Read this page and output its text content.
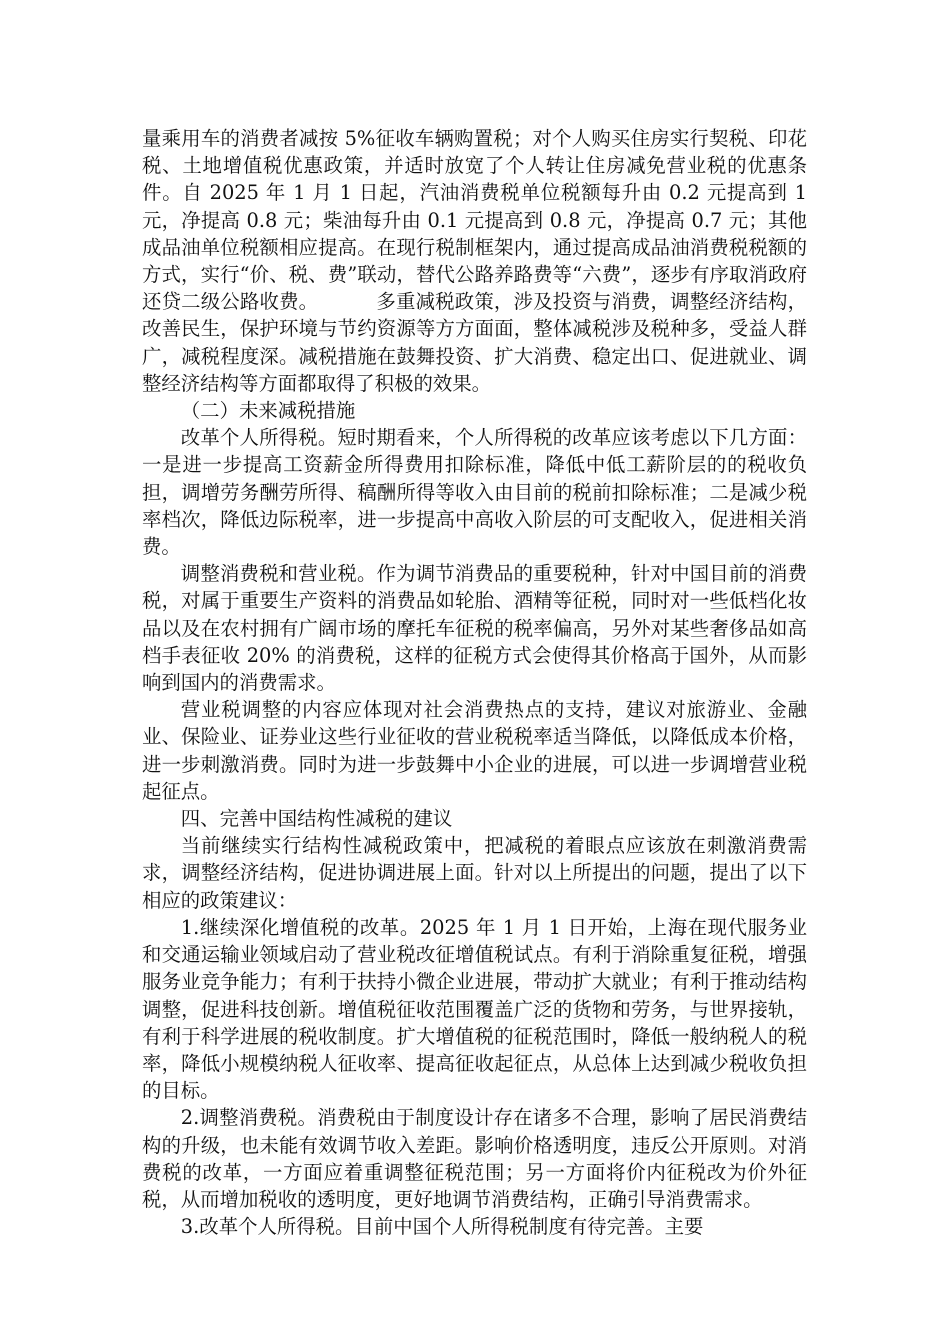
量乘用车的消费者减按 5%征收车辆购置税；对个人购买住房实行契税、印花税、土地增值税优惠政策，并适时放宽了个人转让住房减免营业税的优惠条件。自 2025 年 1 月 1 日起，汽油消费税单位税额每升由 0.2 元提高到 1 元，净提高 0.8 元；柴油每升由 0.1 元提高到 0.8 元，净提高 0.7 元；其他成品油单位税额相应提高。在现行税制框架内，通过提高成品油消费税税额的方式，实行“价、税、费”联动，替代公路养路费等“六费”，逐步有序取消政府还贷二级公路收费。	多重减税政策，涉及投资与消费，调整经济结构，改善民生，保护环境与节约资源等方方面面，整体减税涉及税种多，受益人群广，减税程度深。减税措施在鼓舞投资、扩大消费、稳定出口、促进就业、调整经济结构等方面都取得了积极的效果。

（二）未来减税措施

改革个人所得税。短时期看来，个人所得税的改革应该考虑以下几方面：一是进一步提高工资薪金所得费用扣除标准，降低中低工薪阶层的的税收负担，调增劳务酬劳所得、稿酬所得等收入由目前的税前扣除标准；二是减少税率档次，降低边际税率，进一步提高中高收入阶层的可支配收入，促进相关消费。

调整消费税和营业税。作为调节消费品的重要税种，针对中国目前的消费税，对属于重要生产资料的消费品如轮胎、酒精等征税，同时对一些低档化妆品以及在农村拥有广阔市场的摩托车征税的税率偏高，另外对某些奢侈品如高档手表征收 20% 的消费税，这样的征税方式会使得其价格高于国外，从而影响到国内的消费需求。

营业税调整的内容应体现对社会消费热点的支持，建议对旅游业、金融业、保险业、证券业这些行业征收的营业税税率适当降低，以降低成本价格，进一步刺激消费。同时为进一步鼓舞中小企业的进展，可以进一步调增营业税起征点。

四、完善中国结构性减税的建议

当前继续实行结构性减税政策中，把减税的着眼点应该放在刺激消费需求，调整经济结构，促进协调进展上面。针对以上所提出的问题，提出了以下相应的政策建议：

1.继续深化增值税的改革。2025 年 1 月 1 日开始，上海在现代服务业和交通运输业领域启动了营业税改征增值税试点。有利于消除重复征税，增强服务业竞争能力；有利于扶持小微企业进展，带动扩大就业；有利于推动结构调整，促进科技创新。增值税征收范围覆盖广泛的货物和劳务，与世界接轨，有利于科学进展的税收制度。扩大增值税的征税范围时，降低一般纳税人的税率，降低小规模纳税人征收率、提高征收起征点，从总体上达到减少税收负担的目标。

2.调整消费税。消费税由于制度设计存在诸多不合理，影响了居民消费结构的升级，也未能有效调节收入差距。影响价格透明度，违反公开原则。对消费税的改革，一方面应着重调整征税范围；另一方面将价内征税改为价外征税，从而增加税收的透明度，更好地调节消费结构，正确引导消费需求。

3.改革个人所得税。目前中国个人所得税制度有待完善。主要
